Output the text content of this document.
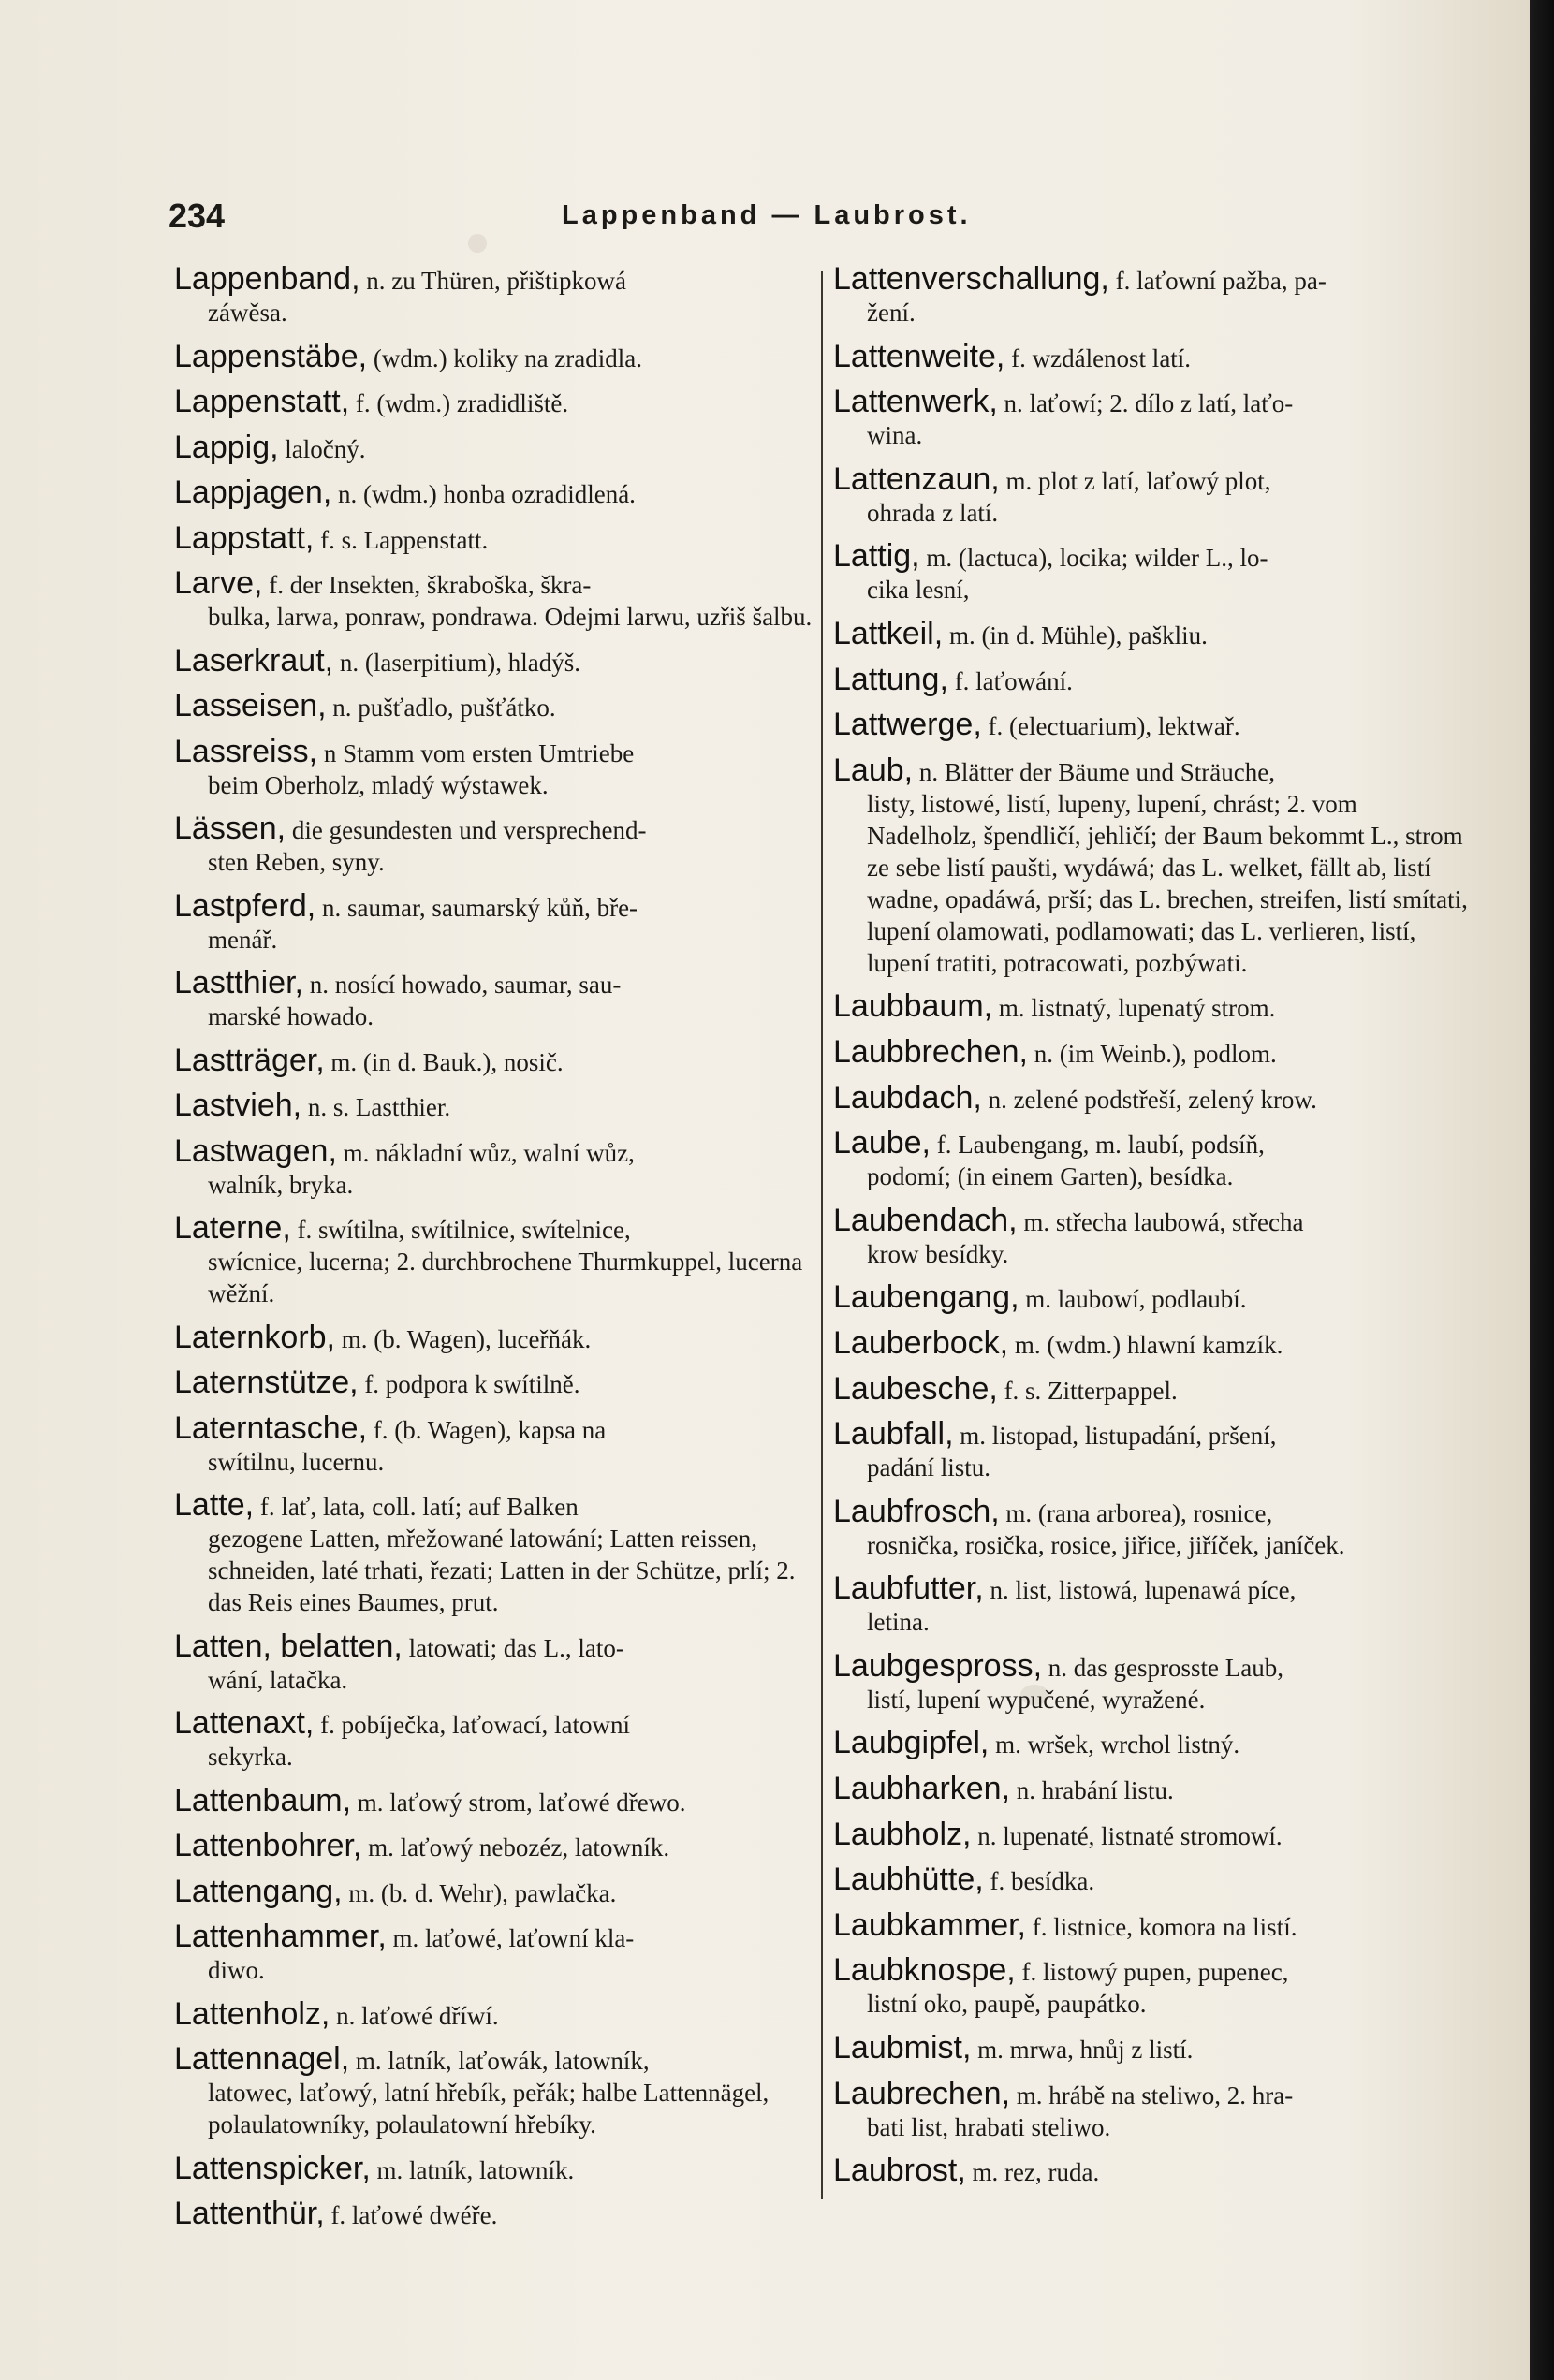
234	Lappenband — Laubrost.
Lappenband, n. zu Thüren, přištipkowá
záwěsa.
Lappenstäbe, (wdm.) koliky na zradidla.
Lappenstatt, f. (wdm.) zradidliště.
Lappig, laločný.
Lappjagen, n. (wdm.) honba ozradidlená.
Lappstatt, f. s. Lappenstatt.
Larve, f. der Insekten, škraboška, škra-
bulka, larwa, ponraw, pondrawa. Odejmi larwu, uzřiš šalbu.
Laserkraut, n. (laserpitium), hladýš.
Lasseisen, n. pušťadlo, pušťátko.
Lassreiss, n Stamm vom ersten Umtriebe
beim Oberholz, mladý wýstawek.
Lässen, die gesundesten und versprechend-
sten Reben, syny.
Lastpferd, n. saumar, saumarský kůň, bře-
menář.
Lastthier, n. nosící howado, saumar, sau-
marské howado.
Lastträger, m. (in d. Bauk.), nosič.
Lastvieh, n. s. Lastthier.
Lastwagen, m. nákladní wůz, walní wůz,
walník, bryka.
Laterne, f. swítilna, swítilnice, swítelnice,
swícnice, lucerna; 2. durchbrochene Thurmkuppel, lucerna wěžní.
Laternkorb, m. (b. Wagen), luceřňák.
Laternstütze, f. podpora k swítilně.
Laterntasche, f. (b. Wagen), kapsa na
swítilnu, lucernu.
Latte, f. lať, lata, coll. latí; auf Balken
gezogene Latten, mřežowané latowání; Latten reissen, schneiden, laté trhati, řezati; Latten in der Schütze, prlí; 2. das Reis eines Baumes, prut.
Latten, belatten, latowati; das L., lato-
wání, latačka.
Lattenaxt, f. pobíječka, laťowací, latowní
sekyrka.
Lattenbaum, m. laťowý strom, laťowé dřewo.
Lattenbohrer, m. laťowý nebozéz, latowník.
Lattengang, m. (b. d. Wehr), pawlačka.
Lattenhammer, m. laťowé, laťowní kla-
diwo.
Lattenholz, n. laťowé dříwí.
Lattennagel, m. latník, laťowák, latowník,
latowec, laťowý, latní hřebík, peřák; halbe Lattennägel, polaulatowníky, polaulatowní hřebíky.
Lattenspicker, m. latník, latowník.
Lattenthür, f. laťowé dwéře.
Lattenverschallung, f. laťowní pažba, pa-
žení.
Lattenweite, f. wzdálenost latí.
Lattenwerk, n. laťowí; 2. dílo z latí, laťo-
wina.
Lattenzaun, m. plot z latí, laťowý plot,
ohrada z latí.
Lattig, m. (lactuca), locika; wilder L., lo-
cika lesní,
Lattkeil, m. (in d. Mühle), paškliu.
Lattung, f. laťowání.
Lattwerge, f. (electuarium), lektwař.
Laub, n. Blätter der Bäume und Sträuche,
listy, listowé, listí, lupeny, lupení, chrást; 2. vom Nadelholz, špendličí, jehličí; der Baum bekommt L., strom ze sebe listí paušti, wydáwá; das L. welket, fällt ab, listí wadne, opadáwá, prší; das L. brechen, streifen, listí smítati, lupení olamowati, podlamowati; das L. verlieren, listí, lupení tratiti, potracowati, pozbýwati.
Laubbaum, m. listnatý, lupenatý strom.
Laubbrechen, n. (im Weinb.), podlom.
Laubdach, n. zelené podstřeší, zelený krow.
Laube, f. Laubengang, m. laubí, podsíň,
podomí; (in einem Garten), besídka.
Laubendach, m. střecha laubowá, střecha
krow besídky.
Laubengang, m. laubowí, podlaubí.
Lauberbock, m. (wdm.) hlawní kamzík.
Laubesche, f. s. Zitterpappel.
Laubfall, m. listopad, listupadání, pršení,
padání listu.
Laubfrosch, m. (rana arborea), rosnice,
rosnička, rosička, rosice, jiřice, jiříček, janíček.
Laubfutter, n. list, listowá, lupenawá píce,
letina.
Laubgespross, n. das gesprosste Laub,
listí, lupení wypučené, wyražené.
Laubgipfel, m. wršek, wrchol listný.
Laubharken, n. hrabání listu.
Laubholz, n. lupenaté, listnaté stromowí.
Laubhütte, f. besídka.
Laubkammer, f. listnice, komora na listí.
Laubknospe, f. listowý pupen, pupenec,
listní oko, paupě, paupátko.
Laubmist, m. mrwa, hnůj z listí.
Laubrechen, m. hrábě na steliwo, 2. hra-
bati list, hrabati steliwo.
Laubrost, m. rez, ruda.
